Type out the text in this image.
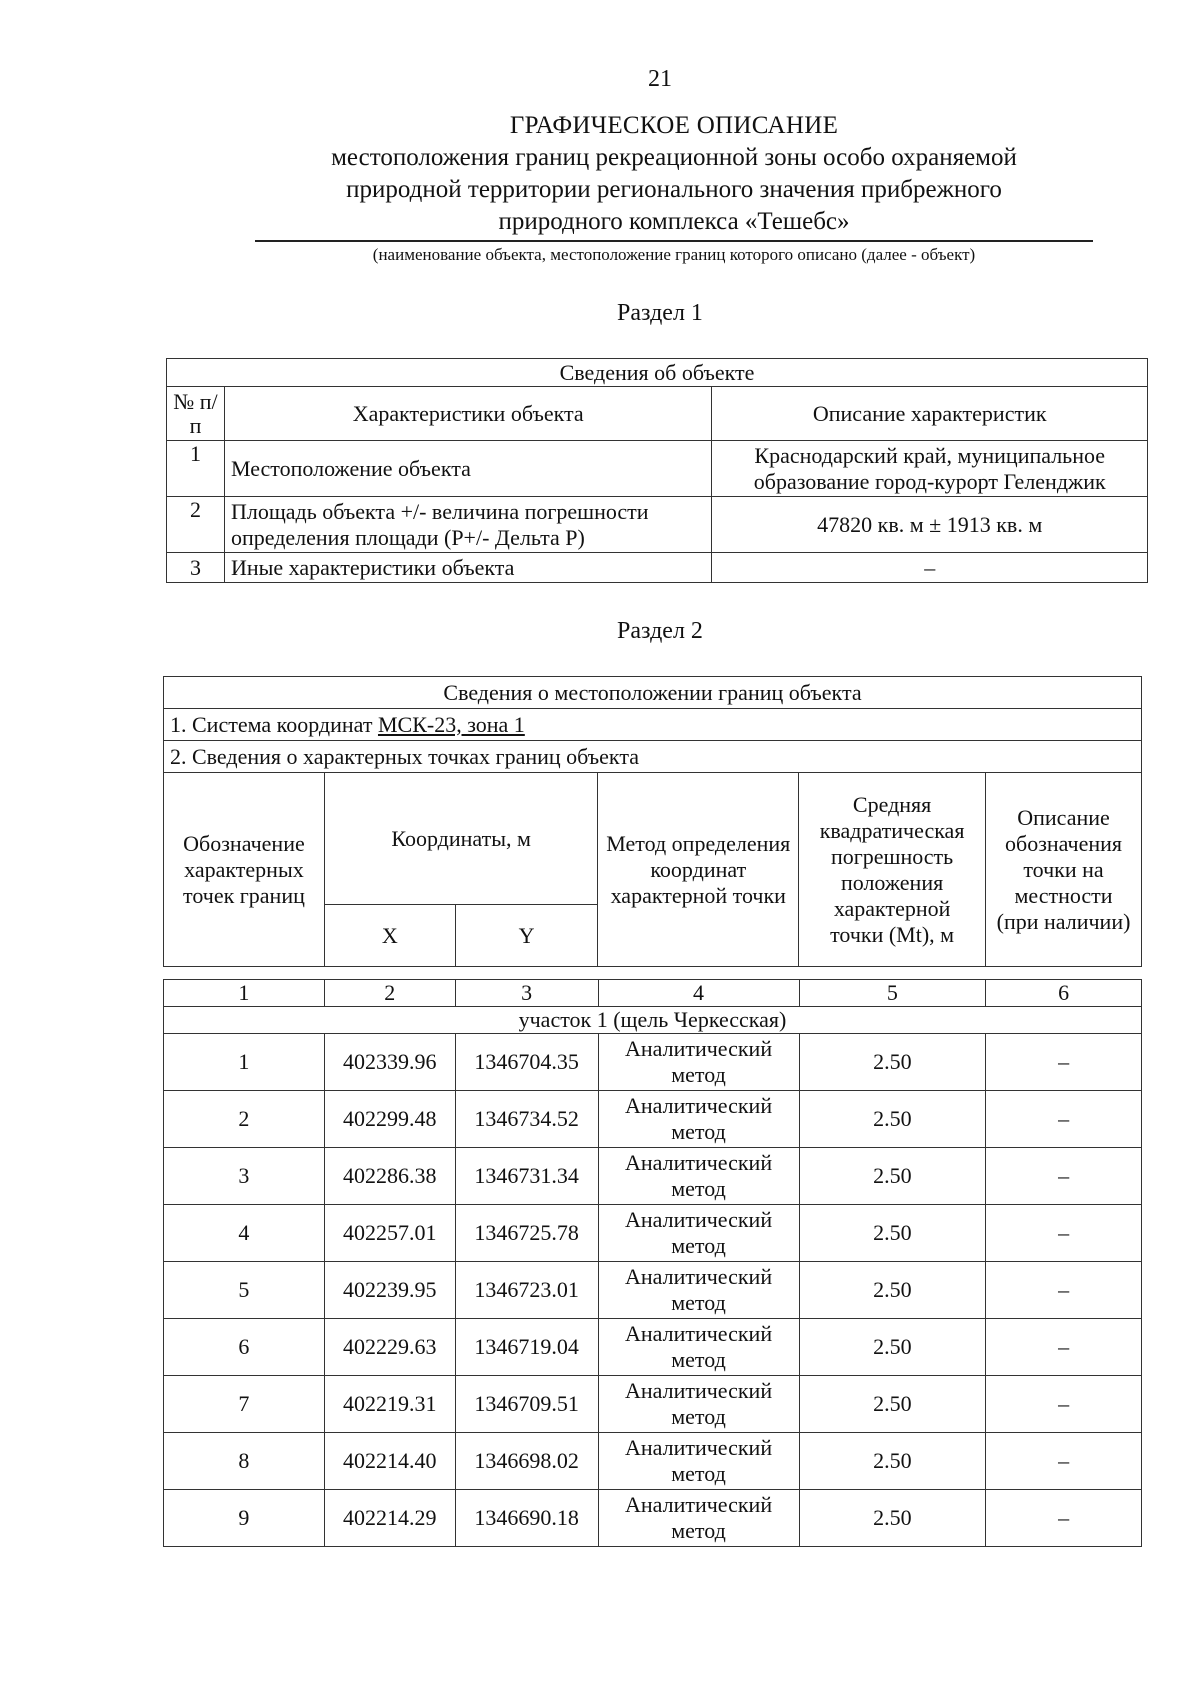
21
ГРАФИЧЕСКОЕ ОПИСАНИЕ
местоположения границ рекреационной зоны особо охраняемой
природной территории регионального значения прибрежного
природного комплекса «Тешебс»
(наименование объекта, местоположение границ которого описано (далее - объект)
Раздел 1
Сведения об объекте		
№ п/п	Характеристики объекта	Описание характеристик
1	Местоположение объекта	Краснодарский край, муниципальное образование город-курорт Геленджик
2	Площадь объекта +/- величина погрешности определения площади (P+/- Дельта P)	47820 кв. м ± 1913 кв. м
3	Иные характеристики объекта	–
Раздел 2
Сведения о местоположении границ объекта					
1. Система координат МСК-23, зона 1					
2. Сведения о характерных точках границ объекта					
Обозначение характерных точек границ	Координаты, м		Метод определения координат характерной точки	Средняя квадратическая погрешность положения характерной точки (Mt), м	Описание обозначения точки на местности (при наличии)
	X	Y			
1	2	3	4	5	6
участок 1 (щель Черкесская)					
1	402339.96	1346704.35	Аналитический метод	2.50	–
2	402299.48	1346734.52	Аналитический метод	2.50	–
3	402286.38	1346731.34	Аналитический метод	2.50	–
4	402257.01	1346725.78	Аналитический метод	2.50	–
5	402239.95	1346723.01	Аналитический метод	2.50	–
6	402229.63	1346719.04	Аналитический метод	2.50	–
7	402219.31	1346709.51	Аналитический метод	2.50	–
8	402214.40	1346698.02	Аналитический метод	2.50	–
9	402214.29	1346690.18	Аналитический метод	2.50	–
